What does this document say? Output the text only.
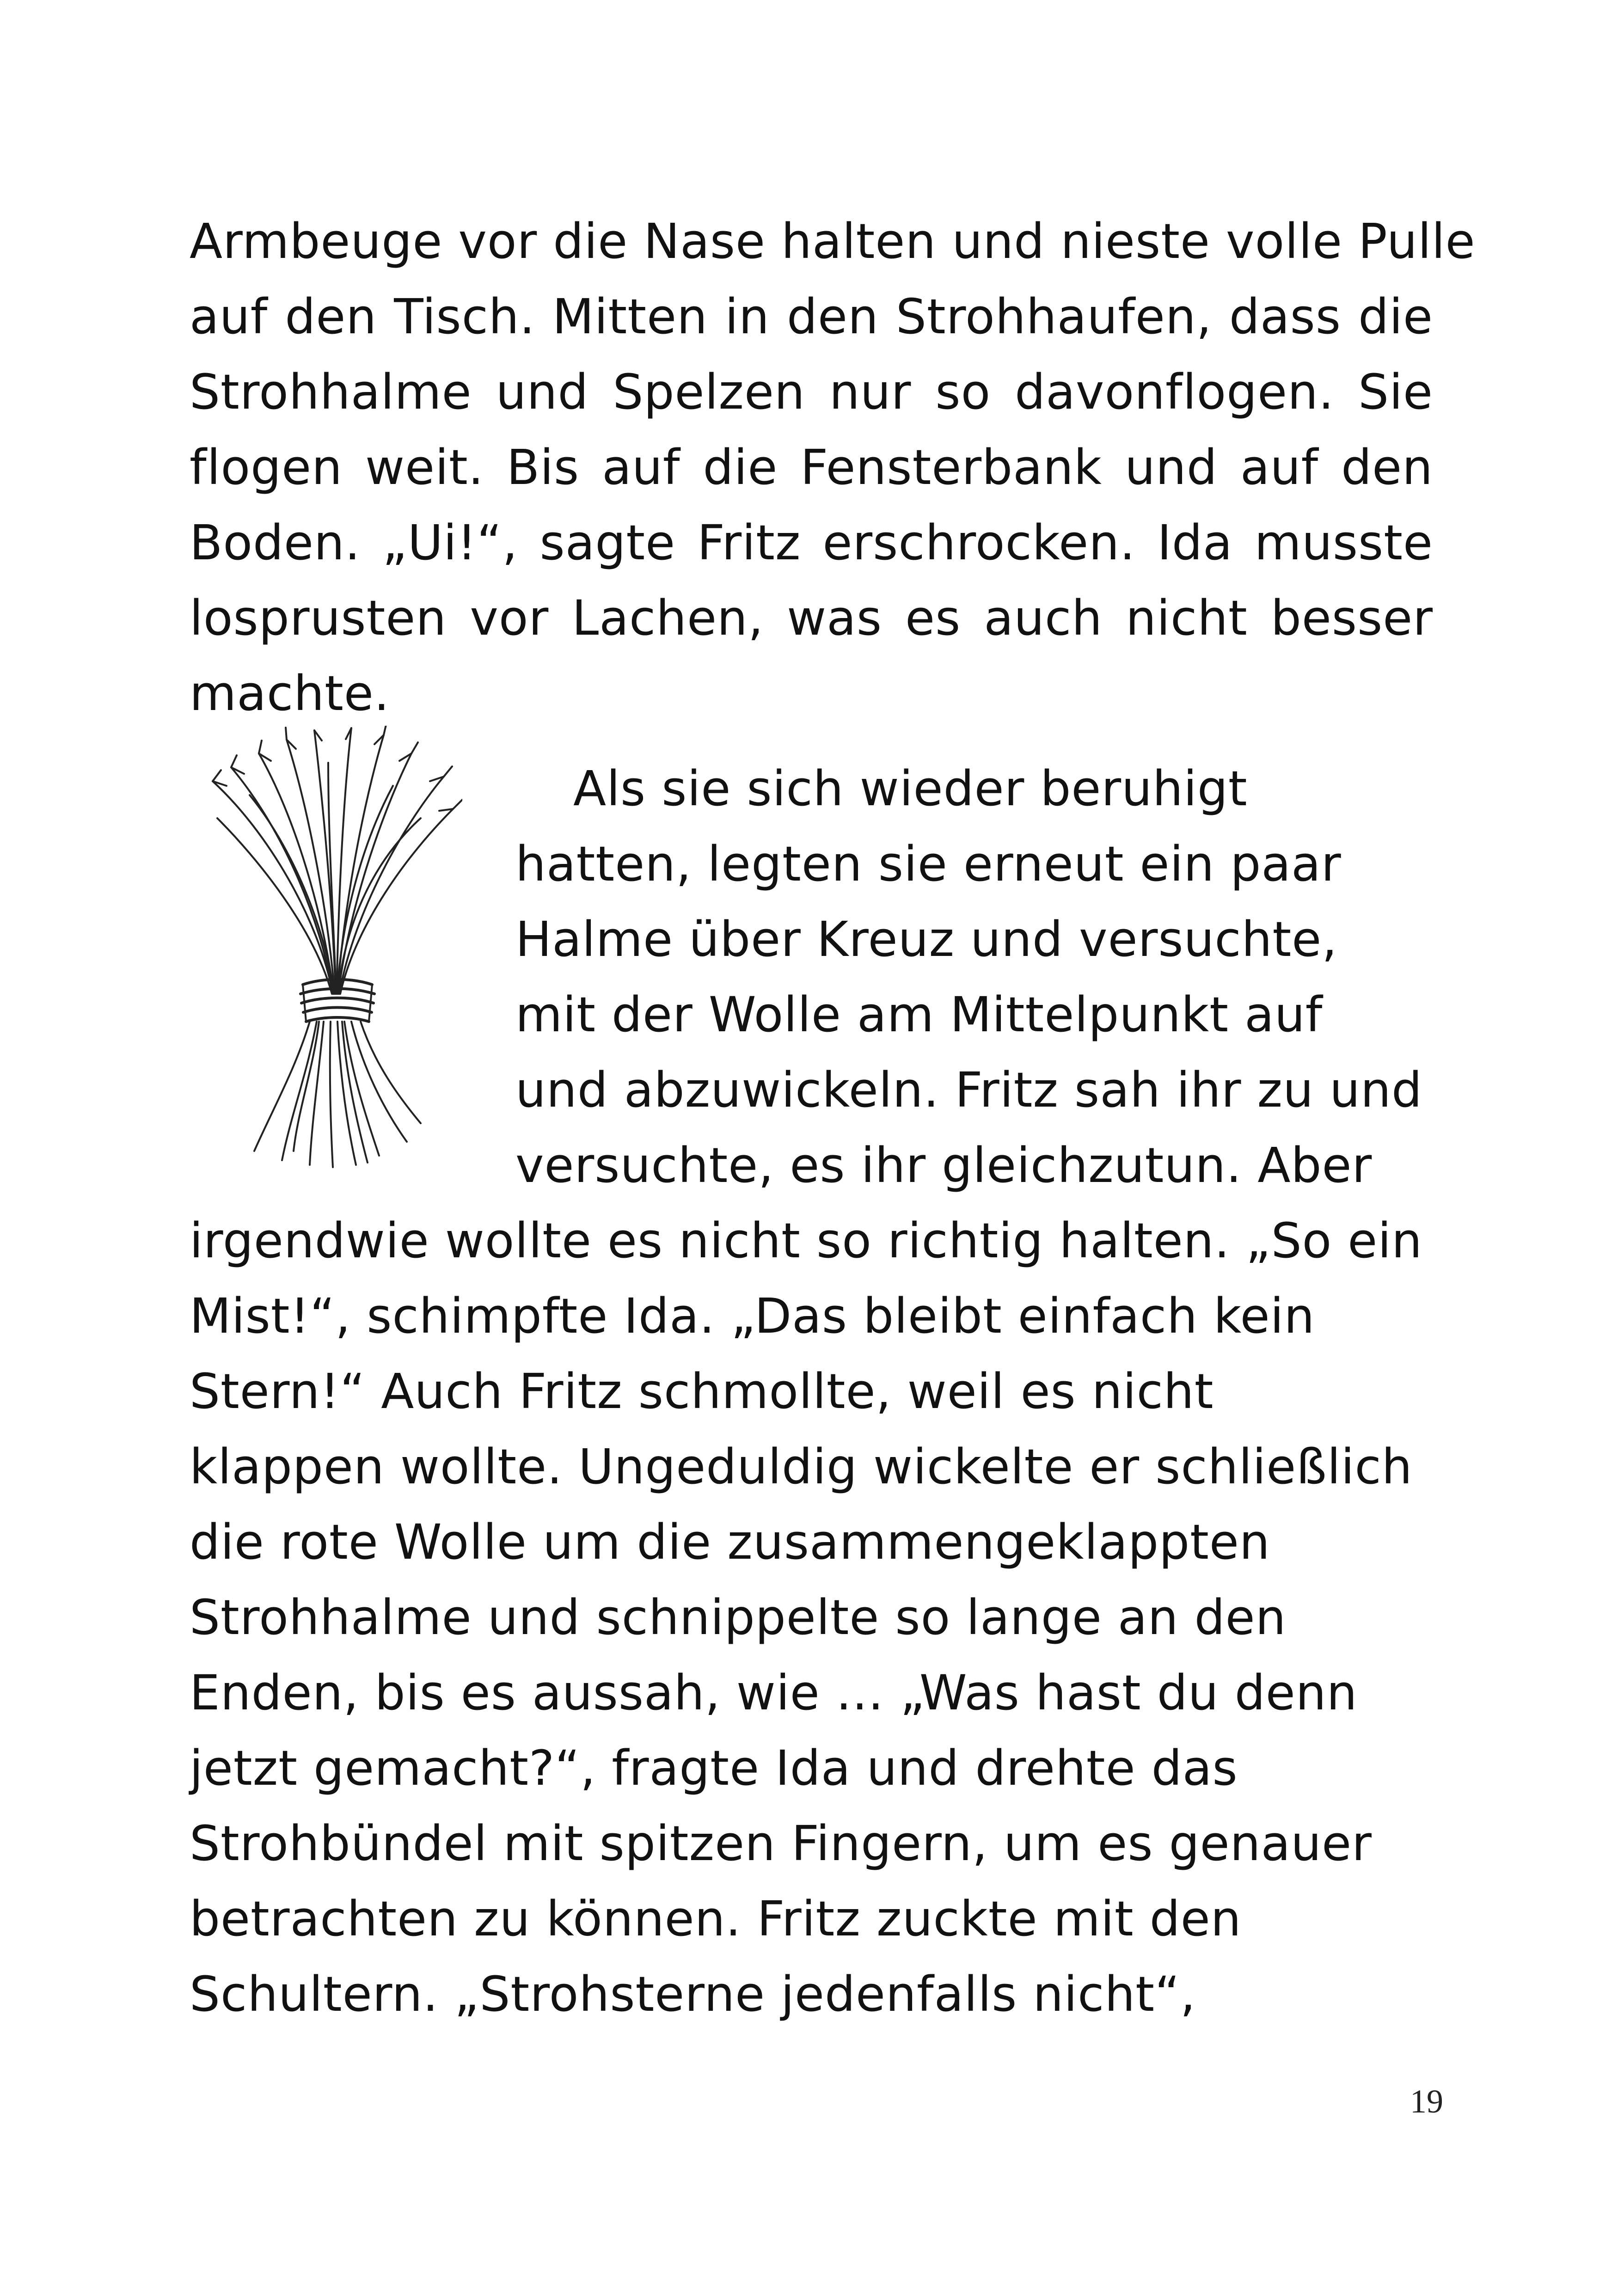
Armbeuge vor die Nase halten und nieste volle Pulle
auf den Tisch. Mitten in den Strohhaufen, dass die
Strohhalme und Spelzen nur so davonflogen. Sie
flogen weit. Bis auf die Fensterbank und auf den
Boden. „Ui!“, sagte Fritz erschrocken. Ida musste
losprusten vor Lachen, was es auch nicht besser
machte.
Als sie sich wieder beruhigt
hatten, legten sie erneut ein paar
Halme über Kreuz und versuchte,
mit der Wolle am Mittelpunkt auf
und abzuwickeln. Fritz sah ihr zu und
versuchte, es ihr gleichzutun. Aber
irgendwie wollte es nicht so richtig halten. „So ein
Mist!“, schimpfte Ida. „Das bleibt einfach kein
Stern!“ Auch Fritz schmollte, weil es nicht
klappen wollte. Ungeduldig wickelte er schließlich
die rote Wolle um die zusammengeklappten
Strohhalme und schnippelte so lange an den
Enden, bis es aussah, wie … „Was hast du denn
jetzt gemacht?“, fragte Ida und drehte das
Strohbündel mit spitzen Fingern, um es genauer
betrachten zu können. Fritz zuckte mit den
Schultern. „Strohsterne jedenfalls nicht“,
19
